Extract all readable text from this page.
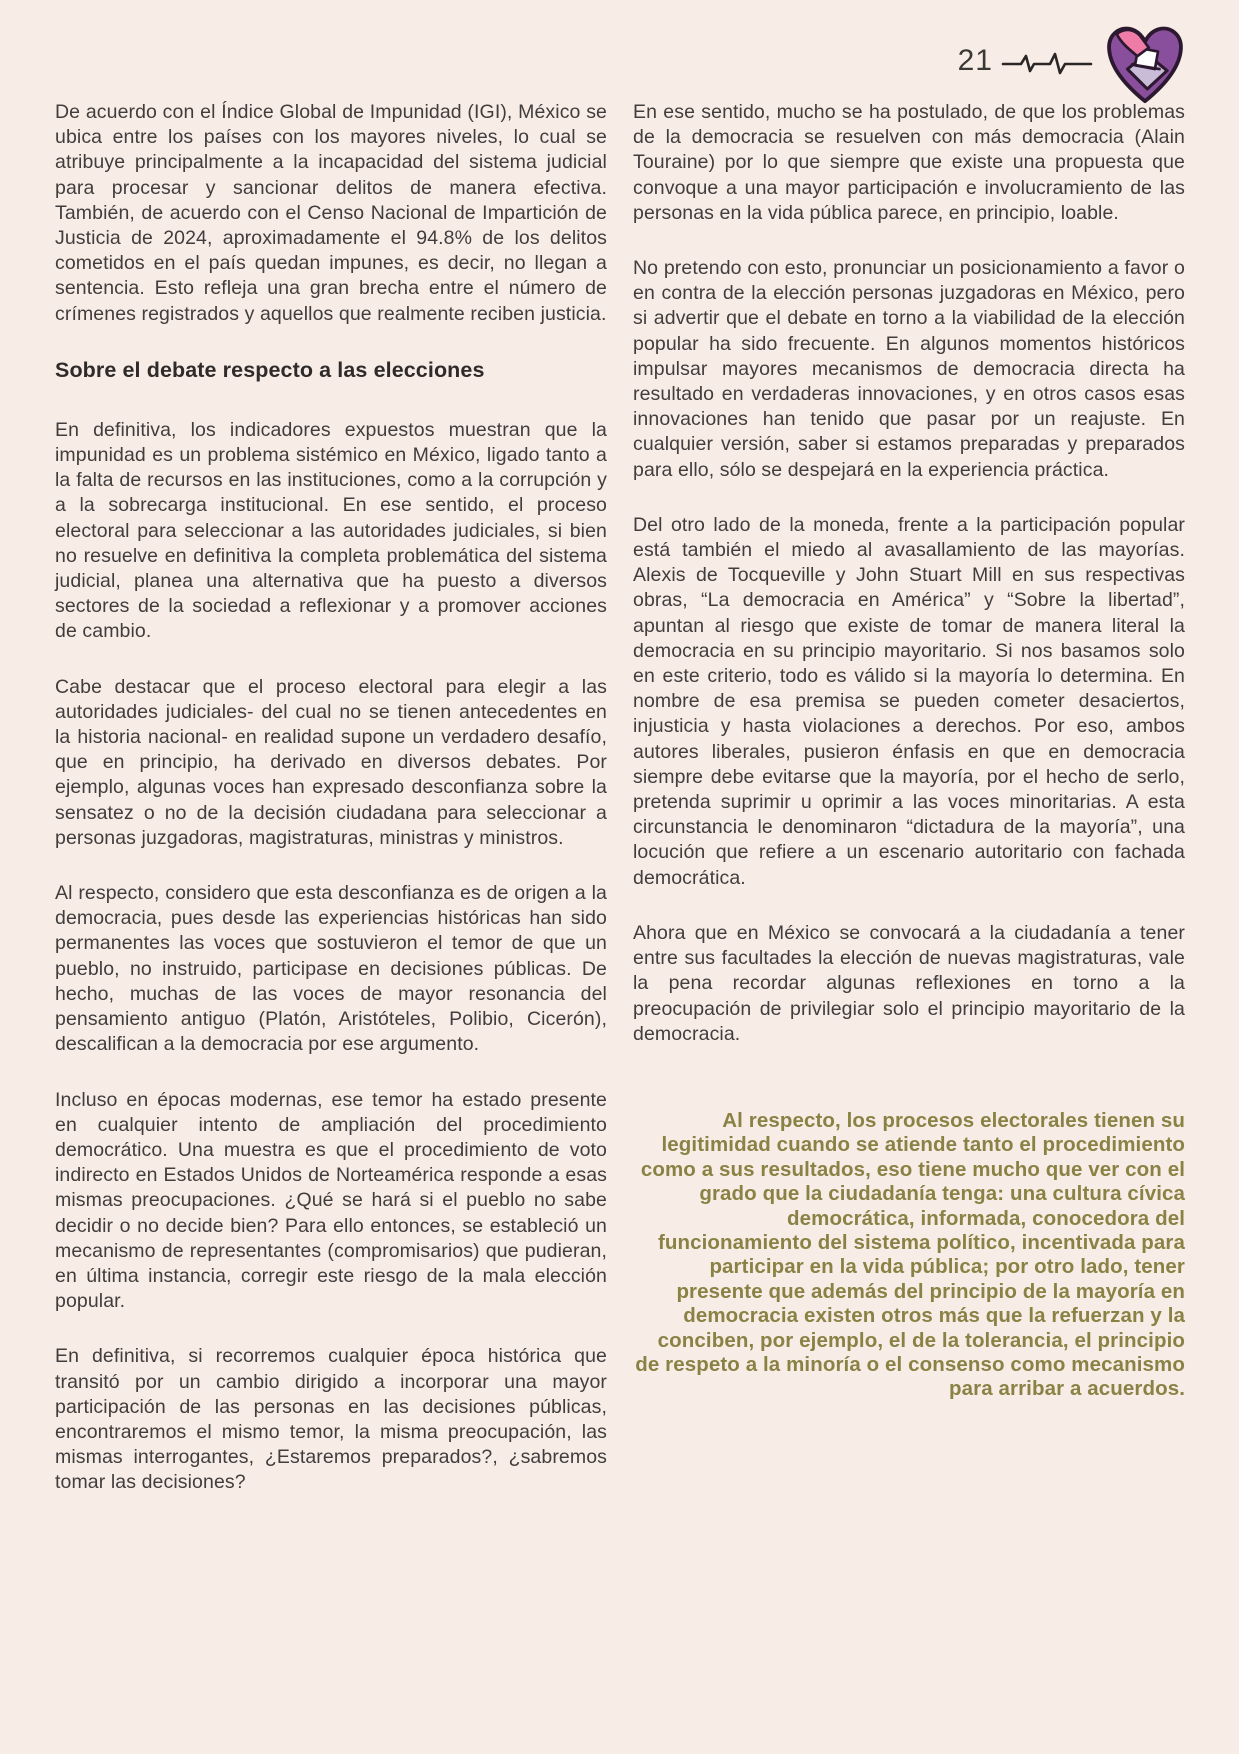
21

De acuerdo con el Índice Global de Impunidad (IGI), México se ubica entre los países con los mayores niveles, lo cual se atribuye principalmente a la incapacidad del sistema judicial para procesar y sancionar delitos de manera efectiva. También, de acuerdo con el Censo Nacional de Impartición de Justicia de 2024, aproximadamente el 94.8% de los delitos cometidos en el país quedan impunes, es decir, no llegan a sentencia. Esto refleja una gran brecha entre el número de crímenes registrados y aquellos que realmente reciben justicia.

Sobre el debate respecto a las elecciones

En definitiva, los indicadores expuestos muestran que la impunidad es un problema sistémico en México, ligado tanto a la falta de recursos en las instituciones, como a la corrupción y a la sobrecarga institucional. En ese sentido, el proceso electoral para seleccionar a las autoridades judiciales, si bien no resuelve en definitiva la completa problemática del sistema judicial, planea una alternativa que ha puesto a diversos sectores de la sociedad a reflexionar y a promover acciones de cambio.

Cabe destacar que el proceso electoral para elegir a las autoridades judiciales- del cual no se tienen antecedentes en la historia nacional- en realidad supone un verdadero desafío, que en principio, ha derivado en diversos debates. Por ejemplo, algunas voces han expresado desconfianza sobre la sensatez o no de la decisión ciudadana para seleccionar a personas juzgadoras, magistraturas, ministras y ministros.

Al respecto, considero que esta desconfianza es de origen a la democracia, pues desde las experiencias históricas han sido permanentes las voces que sostuvieron el temor de que un pueblo, no instruido, participase en decisiones públicas. De hecho, muchas de las voces de mayor resonancia del pensamiento antiguo (Platón, Aristóteles, Polibio, Cicerón), descalifican a la democracia por ese argumento.

Incluso en épocas modernas, ese temor ha estado presente en cualquier intento de ampliación del procedimiento democrático. Una muestra es que el procedimiento de voto indirecto en Estados Unidos de Norteamérica responde a esas mismas preocupaciones. ¿Qué se hará si el pueblo no sabe decidir o no decide bien? Para ello entonces, se estableció un mecanismo de representantes (compromisarios) que pudieran, en última instancia, corregir este riesgo de la mala elección popular.

En definitiva, si recorremos cualquier época histórica que transitó por un cambio dirigido a incorporar una mayor participación de las personas en las decisiones públicas, encontraremos el mismo temor, la misma preocupación, las mismas interrogantes, ¿Estaremos preparados?, ¿sabremos tomar las decisiones?

En ese sentido, mucho se ha postulado, de que los problemas de la democracia se resuelven con más democracia (Alain Touraine) por lo que siempre que existe una propuesta que convoque a una mayor participación e involucramiento de las personas en la vida pública parece, en principio, loable.

No pretendo con esto, pronunciar un posicionamiento a favor o en contra de la elección personas juzgadoras en México, pero si advertir que el debate en torno a la viabilidad de la elección popular ha sido frecuente. En algunos momentos históricos impulsar mayores mecanismos de democracia directa ha resultado en verdaderas innovaciones, y en otros casos esas innovaciones han tenido que pasar por un reajuste. En cualquier versión, saber si estamos preparadas y preparados para ello, sólo se despejará en la experiencia práctica.

Del otro lado de la moneda, frente a la participación popular está también el miedo al avasallamiento de las mayorías. Alexis de Tocqueville y John Stuart Mill en sus respectivas obras, “La democracia en América” y “Sobre la libertad”, apuntan al riesgo que existe de tomar de manera literal la democracia en su principio mayoritario. Si nos basamos solo en este criterio, todo es válido si la mayoría lo determina. En nombre de esa premisa se pueden cometer desaciertos, injusticia y hasta violaciones a derechos. Por eso, ambos autores liberales, pusieron énfasis en que en democracia siempre debe evitarse que la mayoría, por el hecho de serlo, pretenda suprimir u oprimir a las voces minoritarias. A esta circunstancia le denominaron “dictadura de la mayoría”, una locución que refiere a un escenario autoritario con fachada democrática.

Ahora que en México se convocará a la ciudadanía a tener entre sus facultades la elección de nuevas magistraturas, vale la pena recordar algunas reflexiones en torno a la preocupación de privilegiar solo el principio mayoritario de la democracia.

Al respecto, los procesos electorales tienen su legitimidad cuando se atiende tanto el procedimiento como a sus resultados, eso tiene mucho que ver con el grado que la ciudadanía tenga: una cultura cívica democrática, informada, conocedora del funcionamiento del sistema político, incentivada para participar en la vida pública; por otro lado, tener presente que además del principio de la mayoría en democracia existen otros más que la refuerzan y la conciben, por ejemplo, el de la tolerancia, el principio de respeto a la minoría o el consenso como mecanismo para arribar a acuerdos.
